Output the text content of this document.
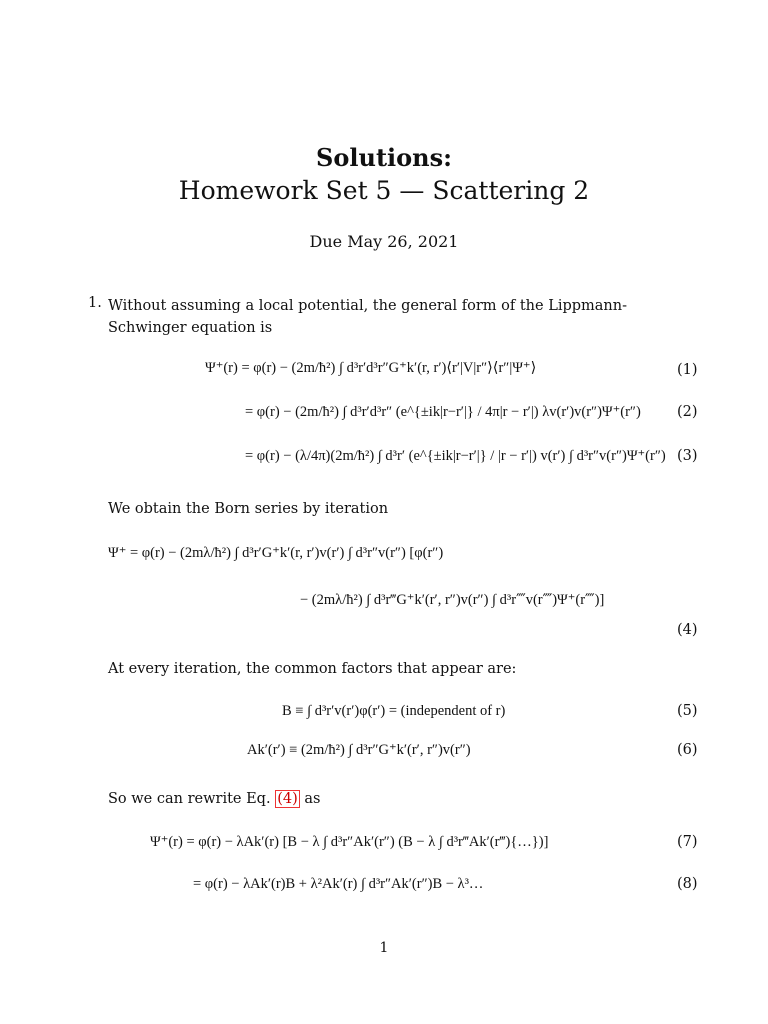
Solutions:
Homework Set 5 — Scattering 2
Due May 26, 2021
1. Without assuming a local potential, the general form of the Lippmann-Schwinger equation is
Ψ⁺(r) = φ(r) − (2m/ħ²) ∫ d³r′d³r″G⁺k′(r, r′)⟨r′|V|r″⟩⟨r″|Ψ⁺⟩	(1)
= φ(r) − (2m/ħ²) ∫ d³r′d³r″ (e^{±ik|r−r′|} / 4π|r − r′|) λv(r′)v(r″)Ψ⁺(r″) (2)
= φ(r) − (λ/4π)(2m/ħ²) ∫ d³r′ (e^{±ik|r−r′|} / |r − r′|) v(r′) ∫ d³r″v(r″)Ψ⁺(r″) (3)
We obtain the Born series by iteration
Ψ⁺ = φ(r) − (2mλ/ħ²) ∫ d³r′G⁺k′(r, r′)v(r′) ∫ d³r″v(r″) [φ(r″)
− (2mλ/ħ²) ∫ d³r‴G⁺k′(r′, r″)v(r″) ∫ d³r⁗v(r⁗)Ψ⁺(r⁗)]
(4)
At every iteration, the common factors that appear are:
B ≡ ∫ d³r′v(r′)φ(r′) = (independent of r)	(5)
Ak′(r′) ≡ (2m/ħ²) ∫ d³r″G⁺k′(r′, r″)v(r″)	(6)
So we can rewrite Eq. (4) as
Ψ⁺(r) = φ(r) − λAk′(r) [B − λ ∫ d³r″Ak′(r″) (B − λ ∫ d³r‴Ak′(r‴){…})]	(7)
= φ(r) − λAk′(r)B + λ²Ak′(r) ∫ d³r″Ak′(r″)B − λ³…	(8)
1
